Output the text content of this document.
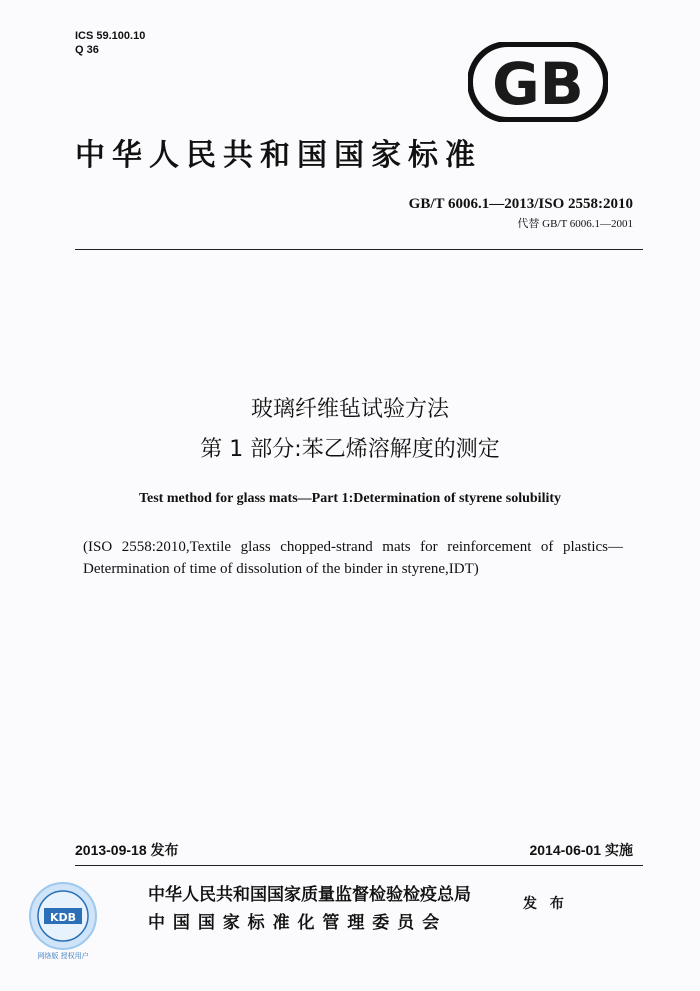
ICS 59.100.10
Q 36	GB
中华人民共和国国家标准
GB/T 6006.1—2013/ISO 2558:2010
代替 GB/T 6006.1—2001
玻璃纤维毡试验方法
第 1 部分:苯乙烯溶解度的测定
Test method for glass mats—Part 1:Determination of styrene solubility
(ISO 2558:2010,Textile glass chopped-strand mats for reinforcement of plastics—Determination of time of dissolution of the binder in styrene,IDT)
2013-09-18 发布	2014-06-01 实施
中华人民共和国国家质量监督检验检疫总局
中 国 国 家 标 准 化 管 理 委 员 会
发 布
KDB
网络版 授权用户
